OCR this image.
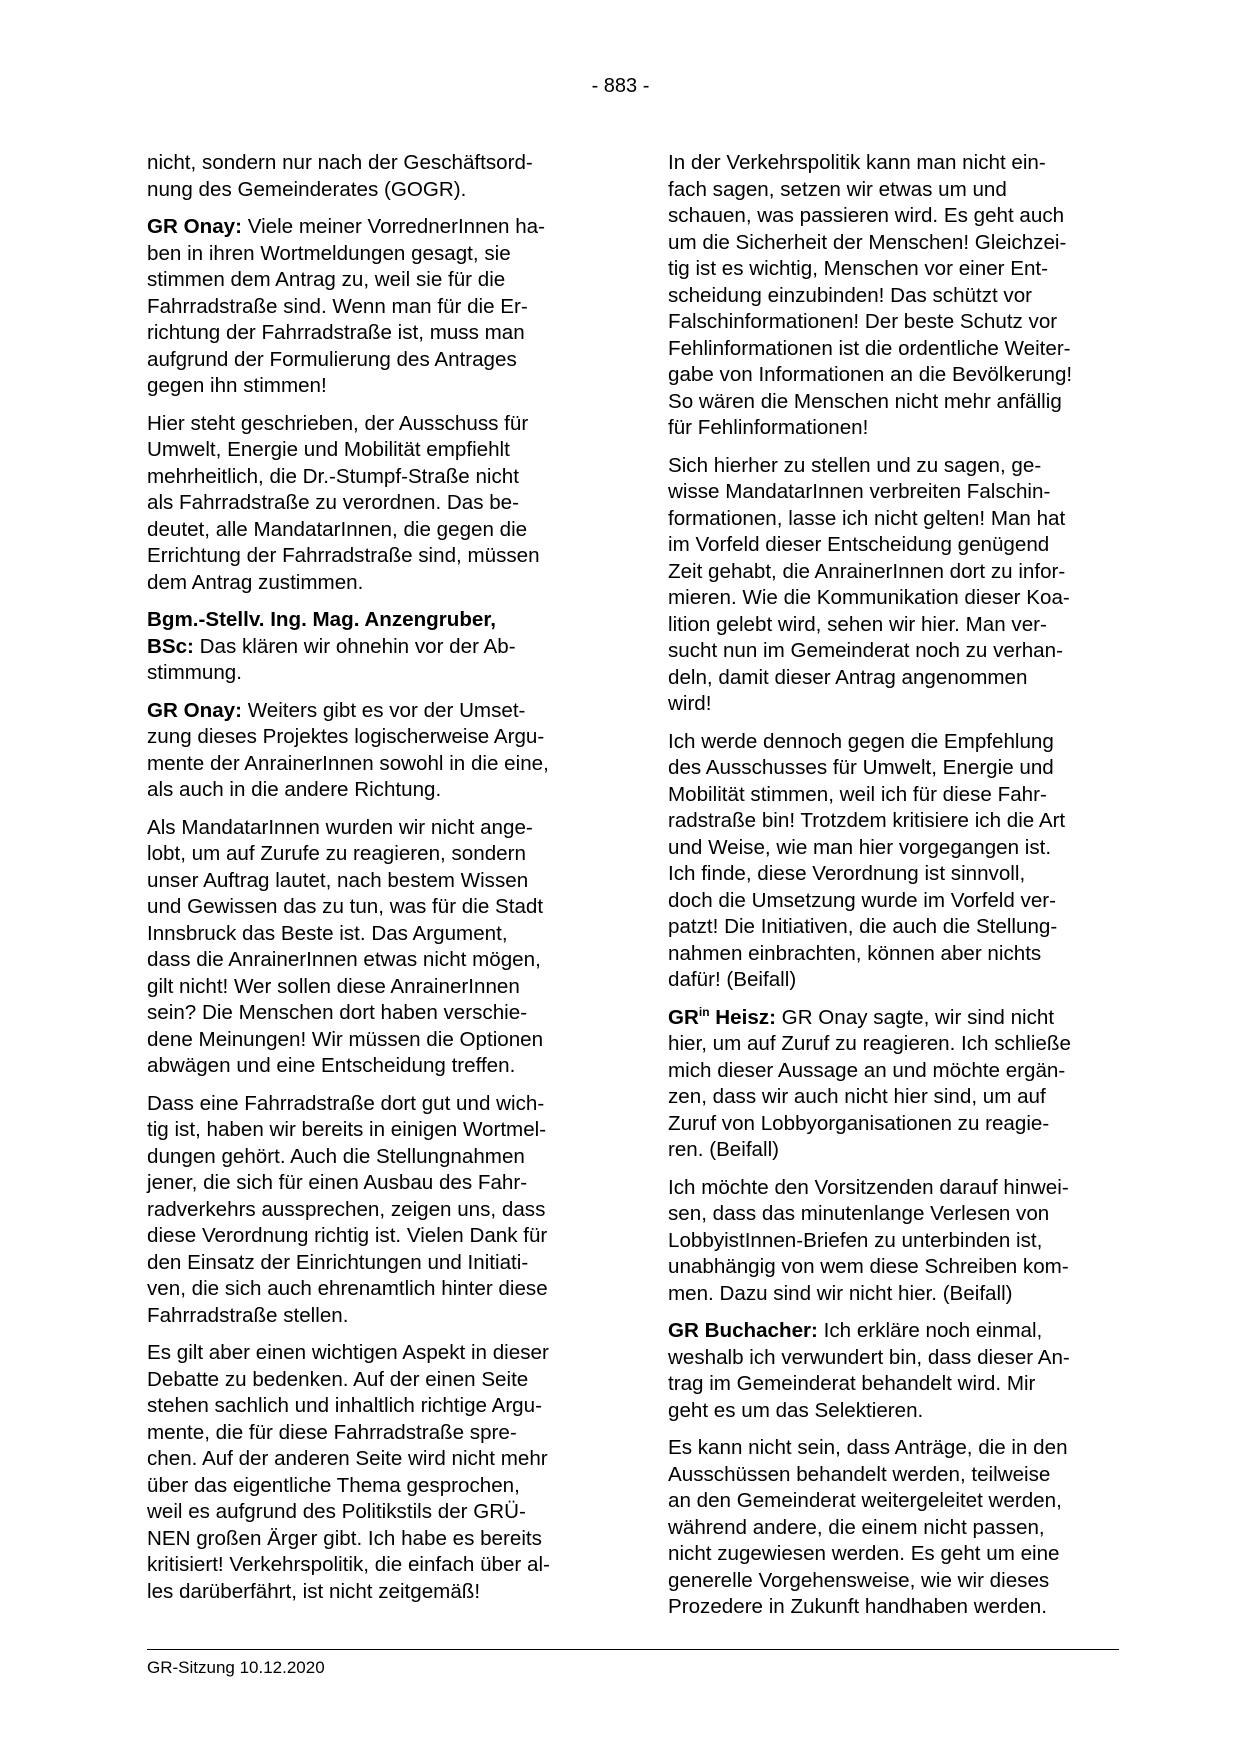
- 883 -

nicht, sondern nur nach der Geschäftsord-
nung des Gemeinderates (GOGR).

GR Onay: Viele meiner VorrednerInnen ha-
ben in ihren Wortmeldungen gesagt, sie
stimmen dem Antrag zu, weil sie für die
Fahrradstraße sind. Wenn man für die Er-
richtung der Fahrradstraße ist, muss man
aufgrund der Formulierung des Antrages
gegen ihn stimmen!

Hier steht geschrieben, der Ausschuss für
Umwelt, Energie und Mobilität empfiehlt
mehrheitlich, die Dr.-Stumpf-Straße nicht
als Fahrradstraße zu verordnen. Das be-
deutet, alle MandatarInnen, die gegen die
Errichtung der Fahrradstraße sind, müssen
dem Antrag zustimmen.

Bgm.-Stellv. Ing. Mag. Anzengruber,
BSc: Das klären wir ohnehin vor der Ab-
stimmung.

GR Onay: Weiters gibt es vor der Umset-
zung dieses Projektes logischerweise Argu-
mente der AnrainerInnen sowohl in die eine,
als auch in die andere Richtung.

Als MandatarInnen wurden wir nicht ange-
lobt, um auf Zurufe zu reagieren, sondern
unser Auftrag lautet, nach bestem Wissen
und Gewissen das zu tun, was für die Stadt
Innsbruck das Beste ist. Das Argument,
dass die AnrainerInnen etwas nicht mögen,
gilt nicht! Wer sollen diese AnrainerInnen
sein? Die Menschen dort haben verschie-
dene Meinungen! Wir müssen die Optionen
abwägen und eine Entscheidung treffen.

Dass eine Fahrradstraße dort gut und wich-
tig ist, haben wir bereits in einigen Wortmel-
dungen gehört. Auch die Stellungnahmen
jener, die sich für einen Ausbau des Fahr-
radverkehrs aussprechen, zeigen uns, dass
diese Verordnung richtig ist. Vielen Dank für
den Einsatz der Einrichtungen und Initiati-
ven, die sich auch ehrenamtlich hinter diese
Fahrradstraße stellen.

Es gilt aber einen wichtigen Aspekt in dieser
Debatte zu bedenken. Auf der einen Seite
stehen sachlich und inhaltlich richtige Argu-
mente, die für diese Fahrradstraße spre-
chen. Auf der anderen Seite wird nicht mehr
über das eigentliche Thema gesprochen,
weil es aufgrund des Politikstils der GRÜ-
NEN großen Ärger gibt. Ich habe es bereits
kritisiert! Verkehrspolitik, die einfach über al-
les darüberfährt, ist nicht zeitgemäß!

In der Verkehrspolitik kann man nicht ein-
fach sagen, setzen wir etwas um und
schauen, was passieren wird. Es geht auch
um die Sicherheit der Menschen! Gleichzei-
tig ist es wichtig, Menschen vor einer Ent-
scheidung einzubinden! Das schützt vor
Falschinformationen! Der beste Schutz vor
Fehlinformationen ist die ordentliche Weiter-
gabe von Informationen an die Bevölkerung!
So wären die Menschen nicht mehr anfällig
für Fehlinformationen!

Sich hierher zu stellen und zu sagen, ge-
wisse MandatarInnen verbreiten Falschin-
formationen, lasse ich nicht gelten! Man hat
im Vorfeld dieser Entscheidung genügend
Zeit gehabt, die AnrainerInnen dort zu infor-
mieren. Wie die Kommunikation dieser Koa-
lition gelebt wird, sehen wir hier. Man ver-
sucht nun im Gemeinderat noch zu verhan-
deln, damit dieser Antrag angenommen
wird!

Ich werde dennoch gegen die Empfehlung
des Ausschusses für Umwelt, Energie und
Mobilität stimmen, weil ich für diese Fahr-
radstraße bin! Trotzdem kritisiere ich die Art
und Weise, wie man hier vorgegangen ist.
Ich finde, diese Verordnung ist sinnvoll,
doch die Umsetzung wurde im Vorfeld ver-
patzt! Die Initiativen, die auch die Stellung-
nahmen einbrachten, können aber nichts
dafür! (Beifall)

$GR^{in}$ Heisz: GR Onay sagte, wir sind nicht
hier, um auf Zuruf zu reagieren. Ich schließe
mich dieser Aussage an und möchte ergän-
zen, dass wir auch nicht hier sind, um auf
Zuruf von Lobbyorganisationen zu reagie-
ren. (Beifall)

Ich möchte den Vorsitzenden darauf hinwei-
sen, dass das minutenlange Verlesen von
LobbyistInnen-Briefen zu unterbinden ist,
unabhängig von wem diese Schreiben kom-
men. Dazu sind wir nicht hier. (Beifall)

GR Buchacher: Ich erkläre noch einmal,
weshalb ich verwundert bin, dass dieser An-
trag im Gemeinderat behandelt wird. Mir
geht es um das Selektieren.

Es kann nicht sein, dass Anträge, die in den
Ausschüssen behandelt werden, teilweise
an den Gemeinderat weitergeleitet werden,
während andere, die einem nicht passen,
nicht zugewiesen werden. Es geht um eine
generelle Vorgehensweise, wie wir dieses
Prozedere in Zukunft handhaben werden.

GR-Sitzung 10.12.2020
